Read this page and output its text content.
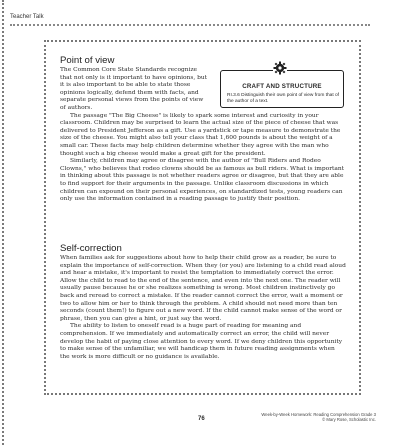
Teacher Talk
Point of view

The Common Core State Standards recognize that not only is it important to have opinions, but it is also important to be able to state those opinions logically, defend them with facts, and separate personal views from the points of view of authors.

The passage "The Big Cheese" is likely to spark some interest and curiosity in your classroom. Children may be surprised to learn the actual size of the piece of cheese that was delivered to President Jefferson as a gift. Use a yardstick or tape measure to demonstrate the size of the cheese. You might also tell your class that 1,600 pounds is about the weight of a small car. These facts may help children determine whether they agree with the man who thought such a big cheese would make a great gift for the president.

Similarly, children may agree or disagree with the author of "Bull Riders and Rodeo Clowns," who believes that rodeo clowns should be as famous as bull riders. What is important in thinking about this passage is not whether readers agree or disagree, but that they are able to find support for their arguments in the passage. Unlike classroom discussions in which children can expound on their personal experiences, on standardized tests, young readers can only use the information contained in a reading passage to justify their position.

CRAFT AND STRUCTURE
RI.3.6 Distinguish their own point of view from that of the author of a text.
Self-correction

When families ask for suggestions about how to help their child grow as a reader, be sure to explain the importance of self-correction. When they (or you) are listening to a child read aloud and hear a mistake, it's important to resist the temptation to immediately correct the error. Allow the child to read to the end of the sentence, and even into the next one. The reader will usually pause because he or she realizes something is wrong. Most children instinctively go back and reread to correct a mistake. If the reader cannot correct the error, wait a moment or two to allow him or her to think through the problem. A child should not need more than ten seconds (count them!) to figure out a new word. If the child cannot make sense of the word or phrase, then you can give a hint, or just say the word.

The ability to listen to oneself read is a huge part of reading for meaning and comprehension. If we immediately and automatically correct an error, the child will never develop the habit of paying close attention to every word. If we deny children this opportunity to make sense of the unfamiliar, we will handicap them in future reading assignments when the work is more difficult or no guidance is available.

76
Week-by-Week Homework: Reading Comprehension Grade 3
© Mary Rose, Scholastic Inc.
